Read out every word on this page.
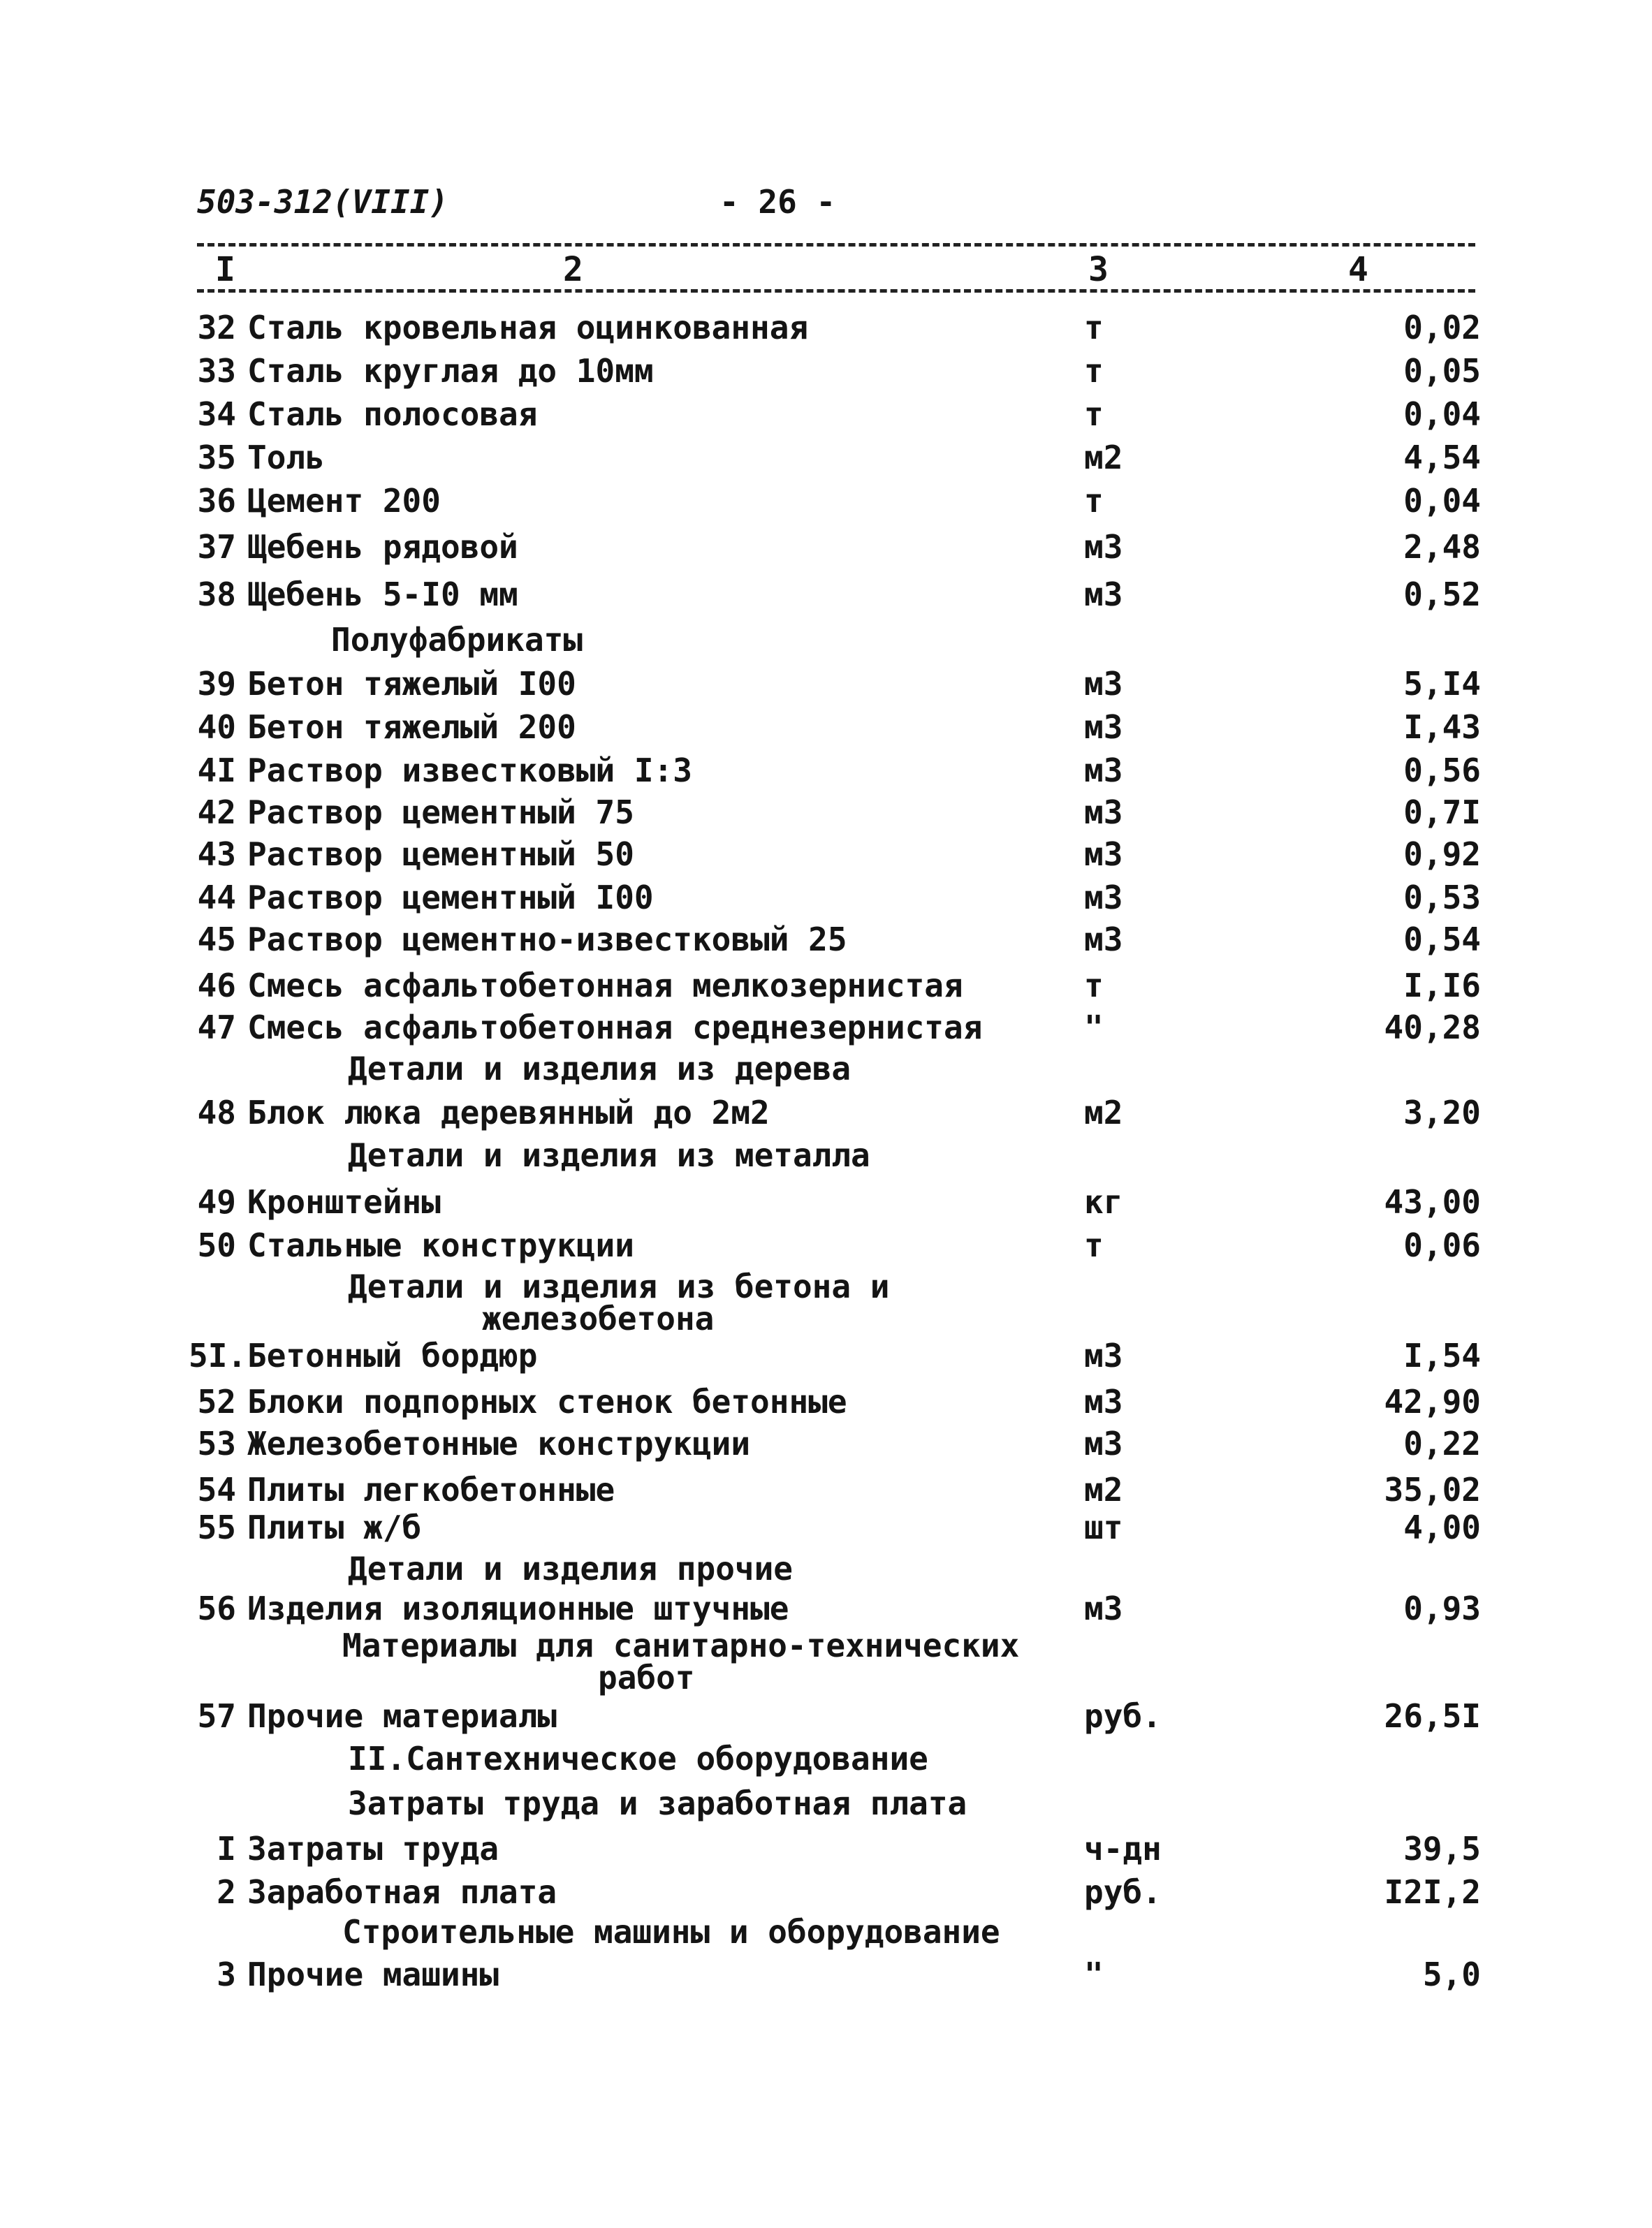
503-312(VIII)	- 26 -
I	2	3	4
32 Сталь кровельная оцинкованная	т	0,02
33 Сталь круглая до 10мм	т	0,05
34 Сталь полосовая	т	0,04
35 Толь	м2	4,54
36 Цемент 200	т	0,04
37 Щебень рядовой	м3	2,48
38 Щебень 5-I0 мм	м3	0,52
Полуфабрикаты
39 Бетон тяжелый I00	м3	5,I4
40 Бетон тяжелый 200	м3	I,43
4I Раствор известковый I:3	м3	0,56
42 Раствор цементный 75	м3	0,7I
43 Раствор цементный 50	м3	0,92
44 Раствор цементный I00	м3	0,53
45 Раствор цементно-известковый 25	м3	0,54
46 Смесь асфальтобетонная мелкозернистая	т	I,I6
47 Смесь асфальтобетонная среднезернистая	"	40,28
Детали и изделия из дерева
48 Блок люка деревянный до 2м2	м2	3,20
Детали и изделия из металла
49 Кронштейны	кг	43,00
50 Стальные конструкции	т	0,06
Детали и изделия из бетона и
железобетона
5I. Бетонный бордюр	м3	I,54
52 Блоки подпорных стенок бетонные	м3	42,90
53 Железобетонные конструкции	м3	0,22
54 Плиты легкобетонные	м2	35,02
55 Плиты ж/б	шт	4,00
Детали и изделия прочие
56 Изделия изоляционные штучные	м3	0,93
Материалы для санитарно-технических
работ
57 Прочие материалы	руб.	26,5I
II.Сантехническое оборудование
Затраты труда и заработная плата
I Затраты труда	ч-дн	39,5
2 Заработная плата	руб.	I2I,2
Строительные машины и оборудование
3 Прочие машины	"	5,0
